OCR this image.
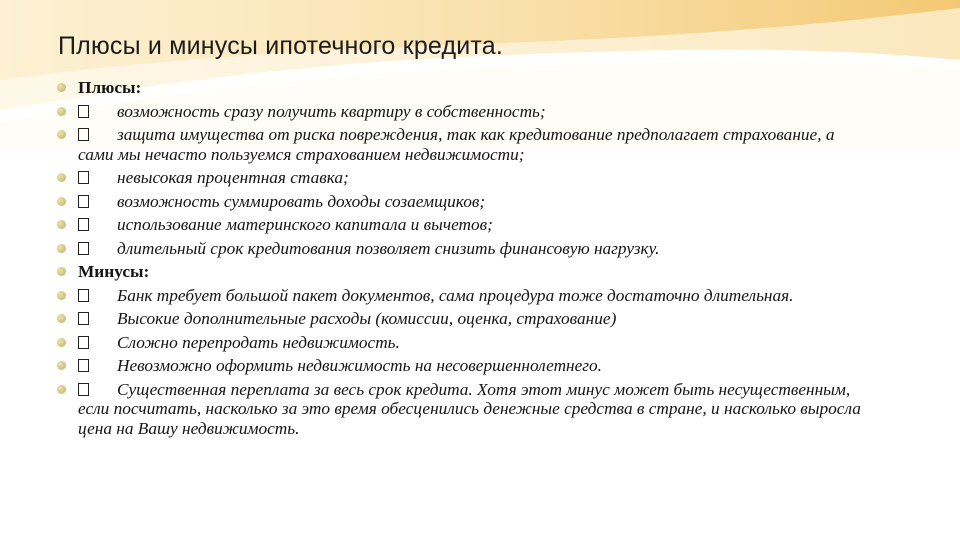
Плюсы и минусы ипотечного кредита.
Плюсы:
возможность сразу получить квартиру в собственность;
защита имущества от риска повреждения, так как кредитование предполагает страхование, а сами мы нечасто пользуемся страхованием недвижимости;
невысокая процентная ставка;
возможность суммировать доходы созаемщиков;
использование материнского капитала и вычетов;
длительный срок кредитования позволяет снизить финансовую нагрузку.
Минусы:
Банк требует большой пакет документов, сама процедура тоже достаточно длительная.
Высокие дополнительные расходы (комиссии, оценка, страхование)
Сложно перепродать недвижимость.
Невозможно оформить недвижимость на несовершеннолетнего.
Существенная переплата за весь срок кредита. Хотя этот минус может быть несущественным, если посчитать, насколько за это время обесценились денежные средства в стране, и насколько выросла цена на Вашу недвижимость.
